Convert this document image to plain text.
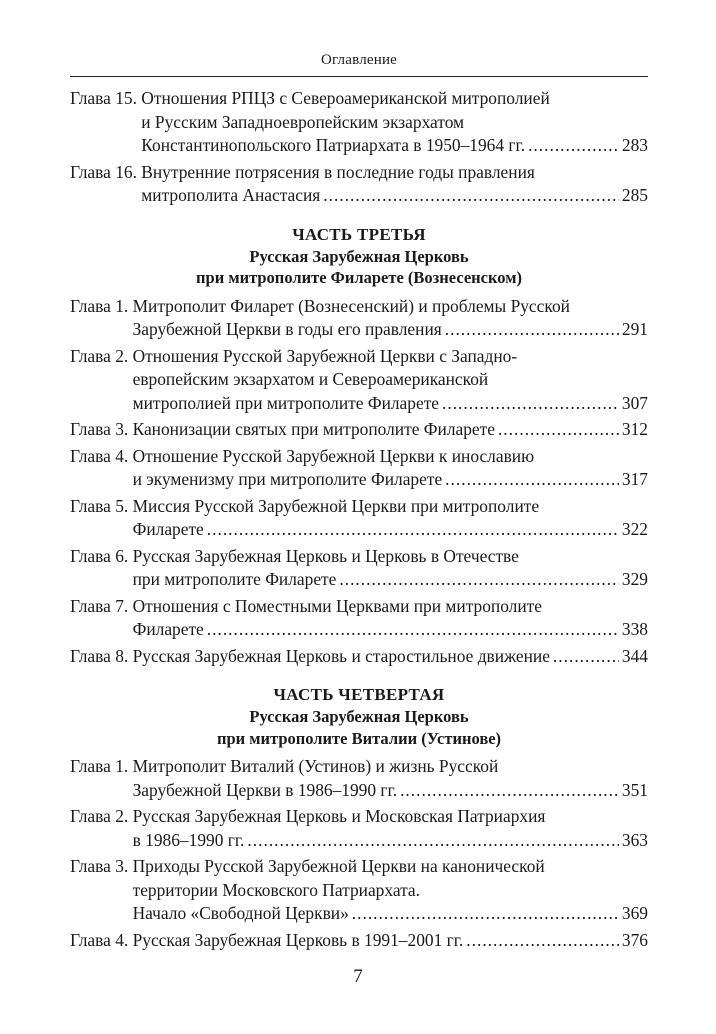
Оглавление
Глава 15. Отношения РПЦЗ с Североамериканской митрополией
и Русским Западноевропейским экзархатом
Константинопольского Патриархата в 1950–1964 гг. .....	283
Глава 16. Внутренние потрясения в последние годы правления
митрополита Анастасия .....	285
ЧАСТЬ ТРЕТЬЯ
Русская Зарубежная Церковь
при митрополите Филарете (Вознесенском)
Глава 1. Митрополит Филарет (Вознесенский) и проблемы Русской
Зарубежной Церкви в годы его правления .....	291
Глава 2. Отношения Русской Зарубежной Церкви с Западно-
европейским экзархатом и Североамериканской
митрополией при митрополите Филарете .....	307
Глава 3. Канонизации святых при митрополите Филарете .....	312
Глава 4. Отношение Русской Зарубежной Церкви к инославию
и экуменизму при митрополите Филарете .....	317
Глава 5. Миссия Русской Зарубежной Церкви при митрополите
Филарете .....	322
Глава 6. Русская Зарубежная Церковь и Церковь в Отечестве
при митрополите Филарете .....	329
Глава 7. Отношения с Поместными Церквами при митрополите
Филарете .....	338
Глава 8. Русская Зарубежная Церковь и старостильное движение .....	344
ЧАСТЬ ЧЕТВЕРТАЯ
Русская Зарубежная Церковь
при митрополите Виталии (Устинове)
Глава 1. Митрополит Виталий (Устинов) и жизнь Русской
Зарубежной Церкви в 1986–1990 гг. .....	351
Глава 2. Русская Зарубежная Церковь и Московская Патриархия
в 1986–1990 гг. .....	363
Глава 3. Приходы Русской Зарубежной Церкви на канонической
территории Московского Патриархата.
Начало «Свободной Церкви» .....	369
Глава 4. Русская Зарубежная Церковь в 1991–2001 гг. .....	376
7
